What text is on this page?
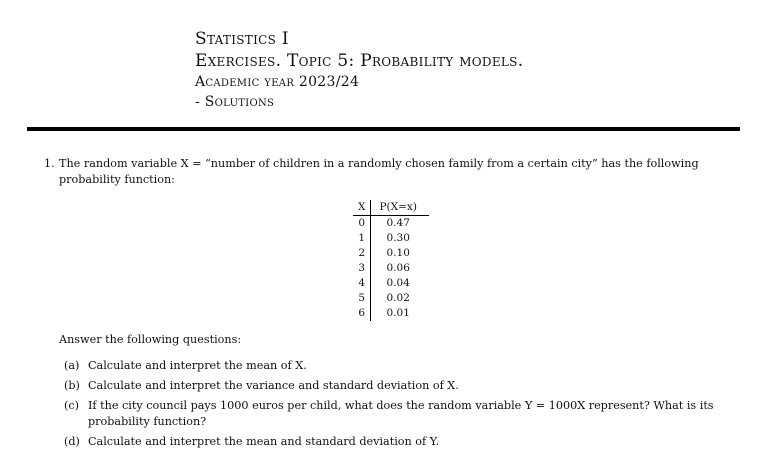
Statistics I
Exercises. Topic 5: Probability models.
Academic year 2023/24
- Solutions
1. The random variable X = “number of children in a randomly chosen family from a certain city” has the following probability function:
X	P(X=x)
0	0.47
1	0.30
2	0.10
3	0.06
4	0.04
5	0.02
6	0.01
Answer the following questions:
(a) Calculate and interpret the mean of X.
(b) Calculate and interpret the variance and standard deviation of X.
(c) If the city council pays 1000 euros per child, what does the random variable Y = 1000X represent? What is its probability function?
(d) Calculate and interpret the mean and standard deviation of Y.
